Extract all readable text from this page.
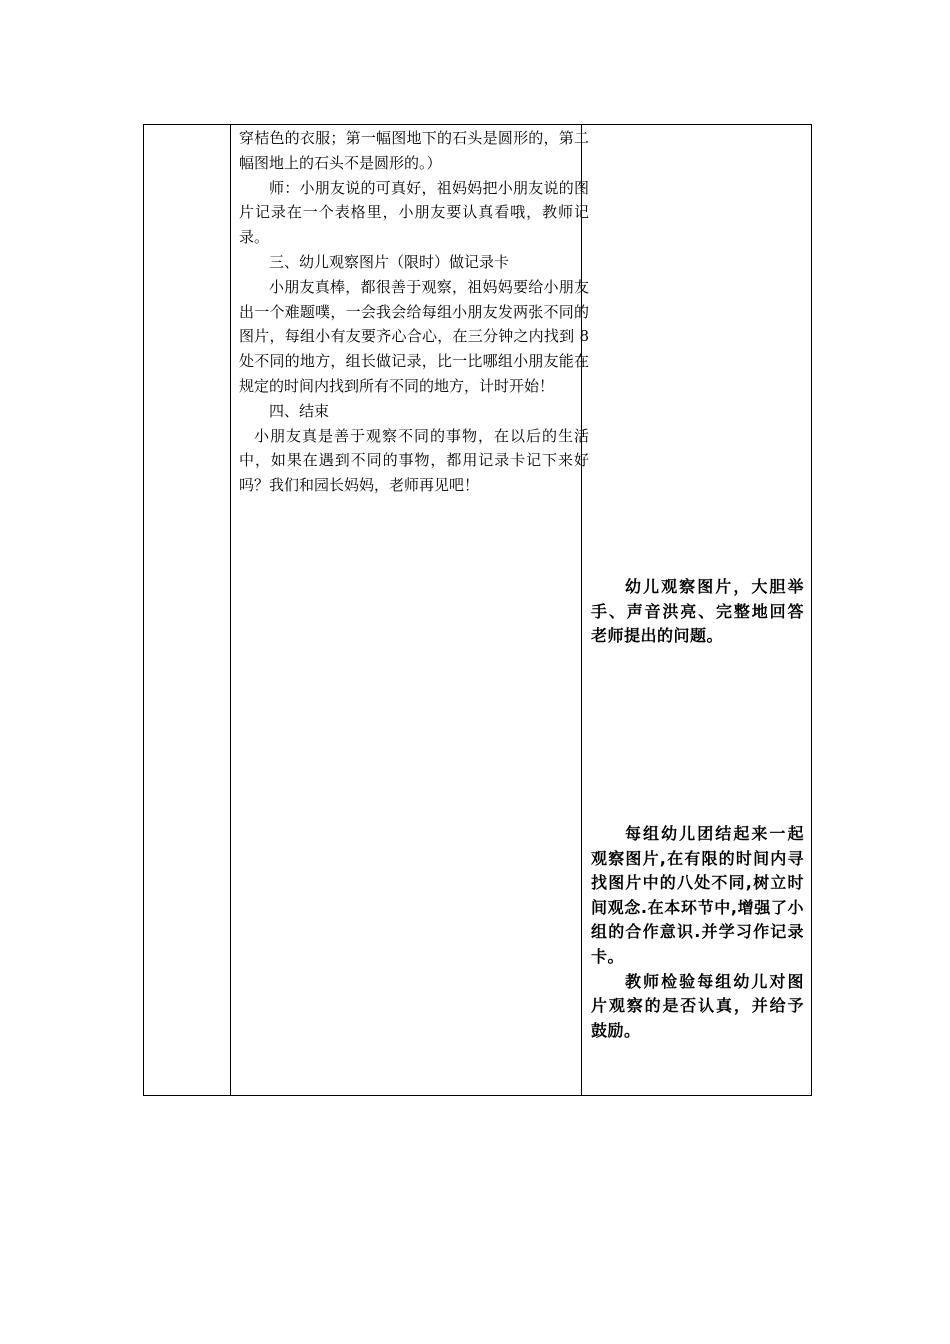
穿桔色的衣服；第一幅图地下的石头是圆形的，第二幅图地上的石头不是圆形的。）

师：小朋友说的可真好，祖妈妈把小朋友说的图片记录在一个表格里，小朋友要认真看哦，教师记录。

三、幼儿观察图片（限时）做记录卡

小朋友真棒，都很善于观察，祖妈妈要给小朋友出一个难题噗，一会我会给每组小朋友发两张不同的图片，每组小有友要齐心合心，在三分钟之内找到 8 处不同的地方，组长做记录，比一比哪组小朋友能在规定的时间内找到所有不同的地方，计时开始！

四、结束

小朋友真是善于观察不同的事物，在以后的生活中，如果在遇到不同的事物，都用记录卡记下来好吗？我们和园长妈妈，老师再见吧！

幼儿观察图片，大胆举手、声音洪亮、完整地回答老师提出的问题。

每组幼儿团结起来一起观察图片,在有限的时间内寻找图片中的八处不同,树立时间观念.在本环节中,增强了小组的合作意识.并学习作记录卡。

教师检验每组幼儿对图片观察的是否认真，并给予鼓励。
